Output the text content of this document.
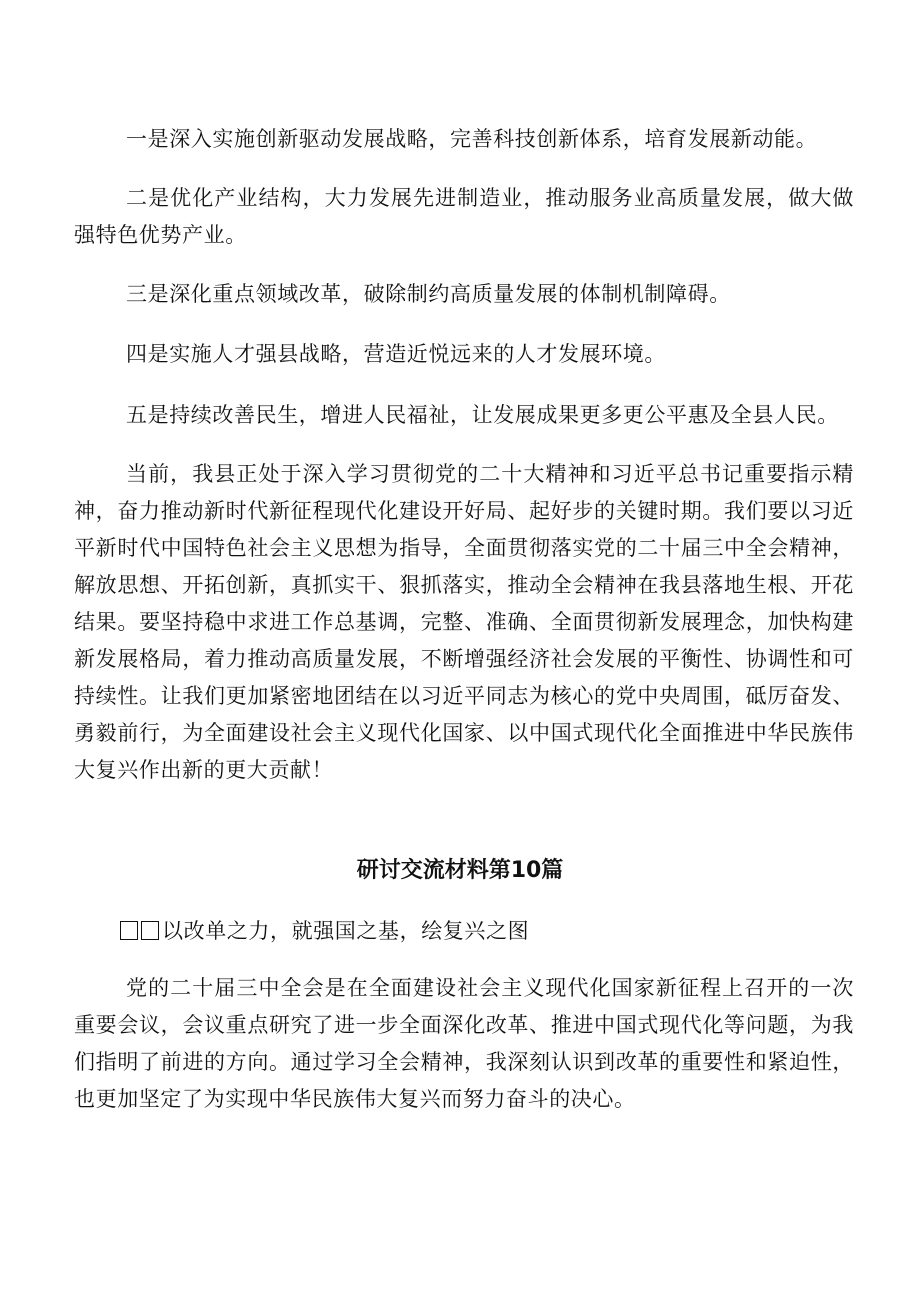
一是深入实施创新驱动发展战略，完善科技创新体系，培育发展新动能。

二是优化产业结构，大力发展先进制造业，推动服务业高质量发展，做大做强特色优势产业。

三是深化重点领域改革，破除制约高质量发展的体制机制障碍。

四是实施人才强县战略，营造近悦远来的人才发展环境。

五是持续改善民生，增进人民福祉，让发展成果更多更公平惠及全县人民。

当前，我县正处于深入学习贯彻党的二十大精神和习近平总书记重要指示精神，奋力推动新时代新征程现代化建设开好局、起好步的关键时期。我们要以习近平新时代中国特色社会主义思想为指导，全面贯彻落实党的二十届三中全会精神，解放思想、开拓创新，真抓实干、狠抓落实，推动全会精神在我县落地生根、开花结果。要坚持稳中求进工作总基调，完整、准确、全面贯彻新发展理念，加快构建新发展格局，着力推动高质量发展，不断增强经济社会发展的平衡性、协调性和可持续性。让我们更加紧密地团结在以习近平同志为核心的党中央周围，砥厉奋发、勇毅前行，为全面建设社会主义现代化国家、以中国式现代化全面推进中华民族伟大复兴作出新的更大贡献！

研讨交流材料第10篇
以改单之力，就强国之基，绘复兴之图

党的二十届三中全会是在全面建设社会主义现代化国家新征程上召开的一次重要会议，会议重点研究了进一步全面深化改革、推进中国式现代化等问题，为我们指明了前进的方向。通过学习全会精神，我深刻认识到改革的重要性和紧迫性，也更加坚定了为实现中华民族伟大复兴而努力奋斗的决心。
